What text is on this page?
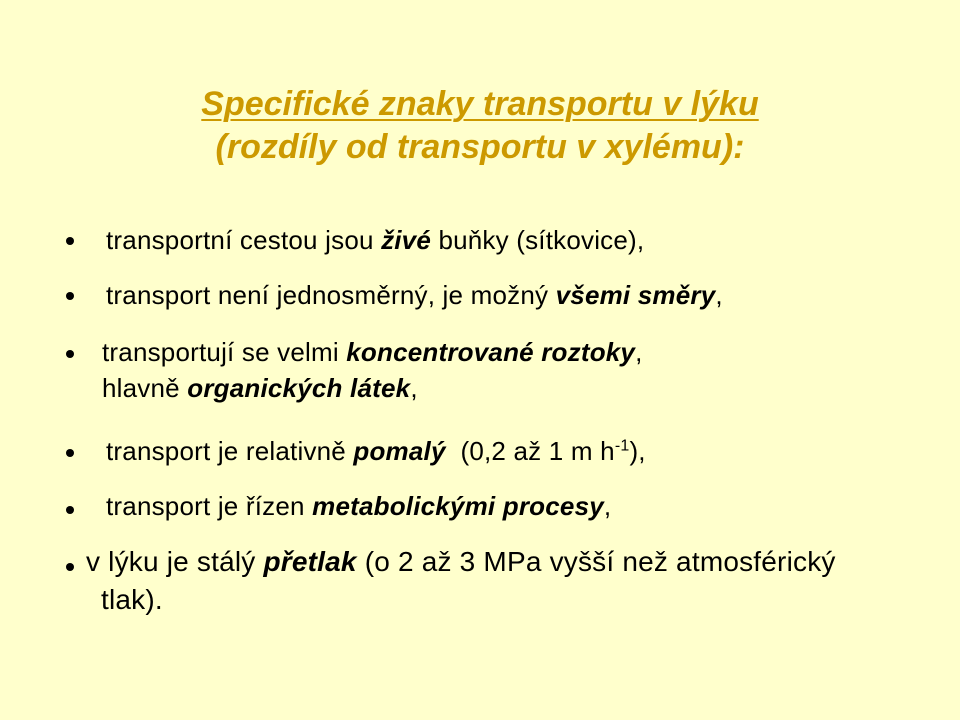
Specifické znaky transportu v lýku
(rozdíly od transportu v xylému):
transportní cestou jsou živé buňky (sítkovice),
transport není jednosměrný, je možný všemi směry,
transportují se velmi koncentrované roztoky,
hlavně organických látek,
transport je relativně pomalý  (0,2 až 1 m $h^{-1}$),
transport je řízen metabolickými procesy,
v lýku je stálý přetlak (o 2 až 3 MPa vyšší než atmosférický
tlak).
